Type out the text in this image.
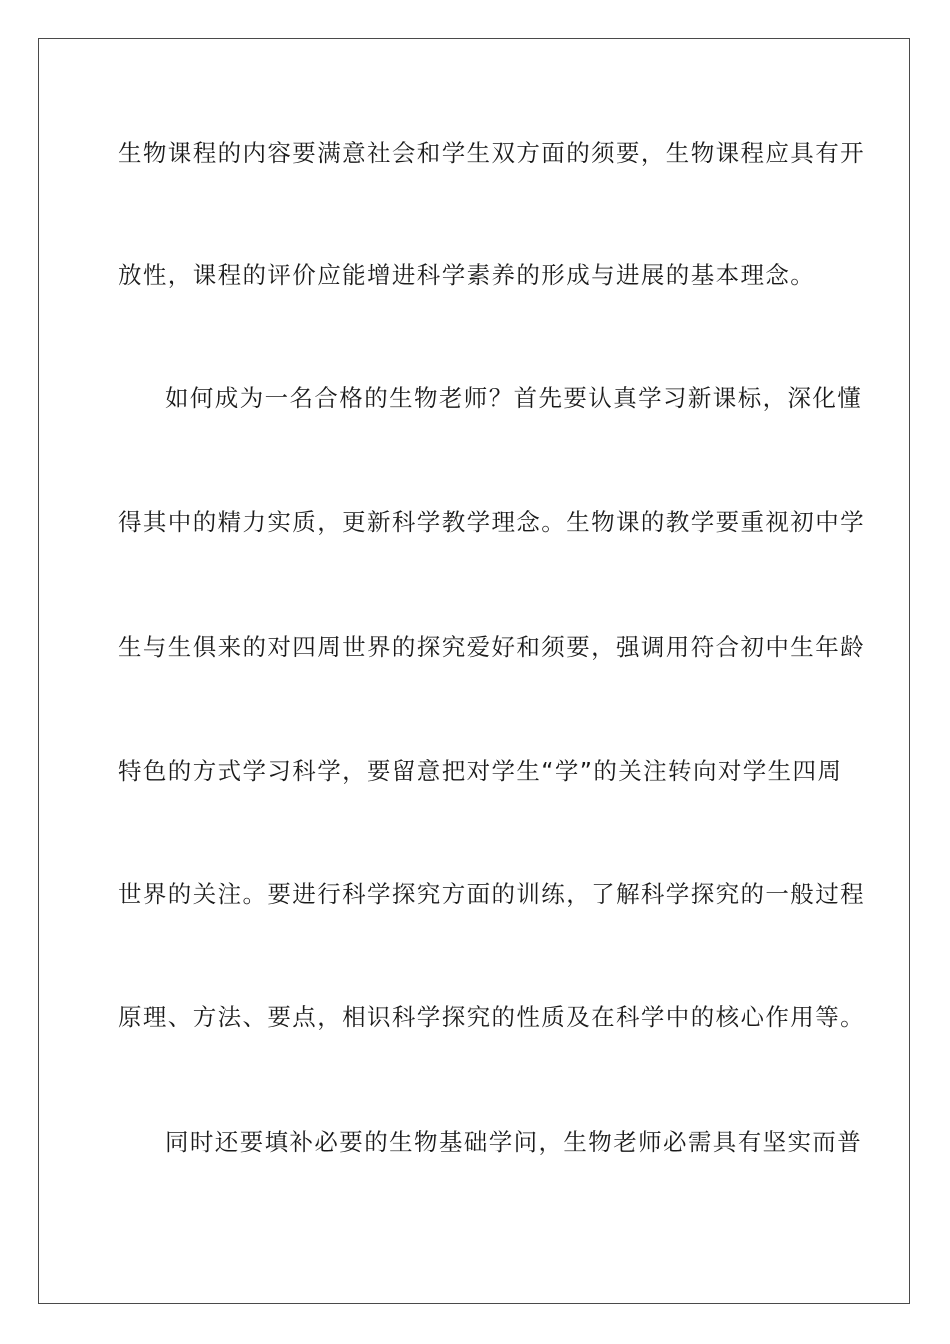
生物课程的内容要满意社会和学生双方面的须要，生物课程应具有开
放性，课程的评价应能增进科学素养的形成与进展的基本理念。
如何成为一名合格的生物老师？首先要认真学习新课标，深化懂
得其中的精力实质，更新科学教学理念。生物课的教学要重视初中学
生与生俱来的对四周世界的探究爱好和须要，强调用符合初中生年龄
特色的方式学习科学，要留意把对学生“学”的关注转向对学生四周
世界的关注。要进行科学探究方面的训练，了解科学探究的一般过程
原理、方法、要点，相识科学探究的性质及在科学中的核心作用等。
同时还要填补必要的生物基础学问，生物老师必需具有坚实而普
